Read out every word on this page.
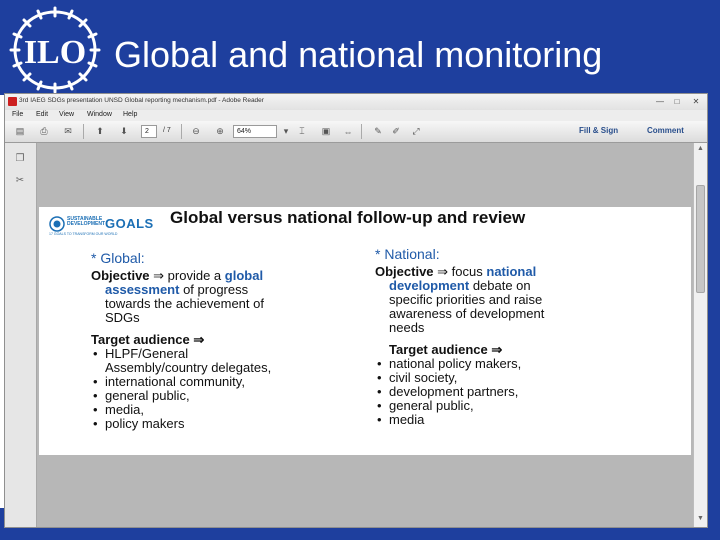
ILO Global and national monitoring
3rd IAEG SDGs presentation UNSD Global reporting mechanism.pdf - Adobe Reader	—	□	✕
File Edit View Window Help
▤	⎙	✉	⬆	⬇	2	/ 7	⊖	⊕	64%	▾	⌶	▣	⇔	✎	✐	⤢	Fill & Sign	Comment
❐
✂
▲
▼
SUSTAINABLE DEVELOPMENT GOALS
17 GOALS TO TRANSFORM OUR WORLD
Global versus national follow-up and review
* Global:
Objective ⇒ provide a global
assessment of progress
towards the achievement of
SDGs
Target audience ⇒
• HLPF/General
Assembly/country delegates,
• international community,
• general public,
• media,
• policy makers
* National:
Objective ⇒ focus national
development debate on
specific priorities and raise
awareness of development
needs
Target audience ⇒
• national policy makers,
• civil society,
• development partners,
• general public,
• media
